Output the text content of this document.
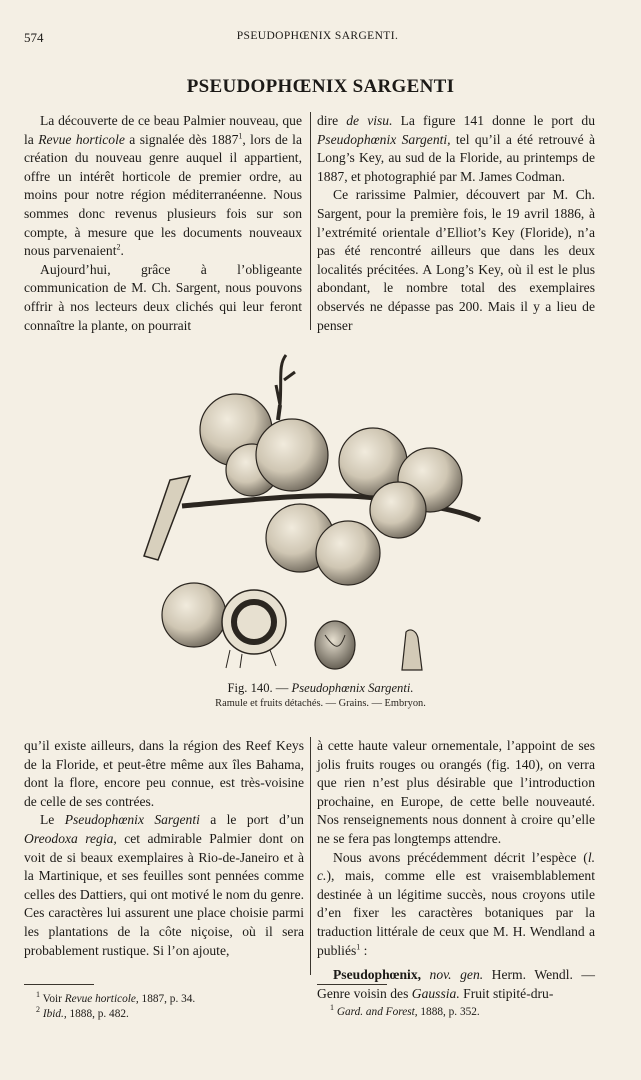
574	PSEUDOPHŒNIX SARGENTI.
PSEUDOPHŒNIX SARGENTI

La découverte de ce beau Palmier nouveau, que la Revue horticole a signalée dès 1887$^1$, lors de la création du nouveau genre auquel il appartient, offre un intérêt horticole de premier ordre, au moins pour notre région méditerranéenne. Nous sommes donc revenus plusieurs fois sur son compte, à mesure que les documents nouveaux nous parvenaient$^2$.

Aujourd’hui, grâce à l’obligeante communication de M. Ch. Sargent, nous pouvons offrir à nos lecteurs deux clichés qui leur feront connaître la plante, on pourrait

dire de visu. La figure 141 donne le port du Pseudophœnix Sargenti, tel qu’il a été retrouvé à Long’s Key, au sud de la Floride, au printemps de 1887, et photographié par M. James Codman.

Ce rarissime Palmier, découvert par M. Ch. Sargent, pour la première fois, le 19 avril 1886, à l’extrémité orientale d’Elliot’s Key (Floride), n’a pas été rencontré ailleurs que dans les deux localités précitées. A Long’s Key, où il est le plus abondant, le nombre total des exemplaires observés ne dépasse pas 200. Mais il y a lieu de penser

Fig. 140. — Pseudophœnix Sargenti.
Ramule et fruits détachés. — Grains. — Embryon.

qu’il existe ailleurs, dans la région des Reef Keys de la Floride, et peut-être même aux îles Bahama, dont la flore, encore peu connue, est très-voisine de celle de ses contrées.

Le Pseudophœnix Sargenti a le port d’un Oreodoxa regia, cet admirable Palmier dont on voit de si beaux exemplaires à Rio-de-Janeiro et à la Martinique, et ses feuilles sont pennées comme celles des Dattiers, qui ont motivé le nom du genre. Ces caractères lui assurent une place choisie parmi les plantations de la côte niçoise, où il sera probablement rustique. Si l’on ajoute,

à cette haute valeur ornementale, l’appoint de ses jolis fruits rouges ou orangés (fig. 140), on verra que rien n’est plus désirable que l’introduction prochaine, en Europe, de cette belle nouveauté. Nos renseignements nous donnent à croire qu’elle ne se fera pas longtemps attendre.

Nous avons précédemment décrit l’espèce (l. c.), mais, comme elle est vraisemblablement destinée à un légitime succès, nous croyons utile d’en fixer les caractères botaniques par la traduction littérale de ceux que M. H. Wendland a publiés$^1$ :

Pseudophœnix, nov. gen. Herm. Wendl. — Genre voisin des Gaussia. Fruit stipité-dru-

$^1$ Voir Revue horticole, 1887, p. 34.
$^2$ Ibid., 1888, p. 482.
$^1$ Gard. and Forest, 1888, p. 352.
